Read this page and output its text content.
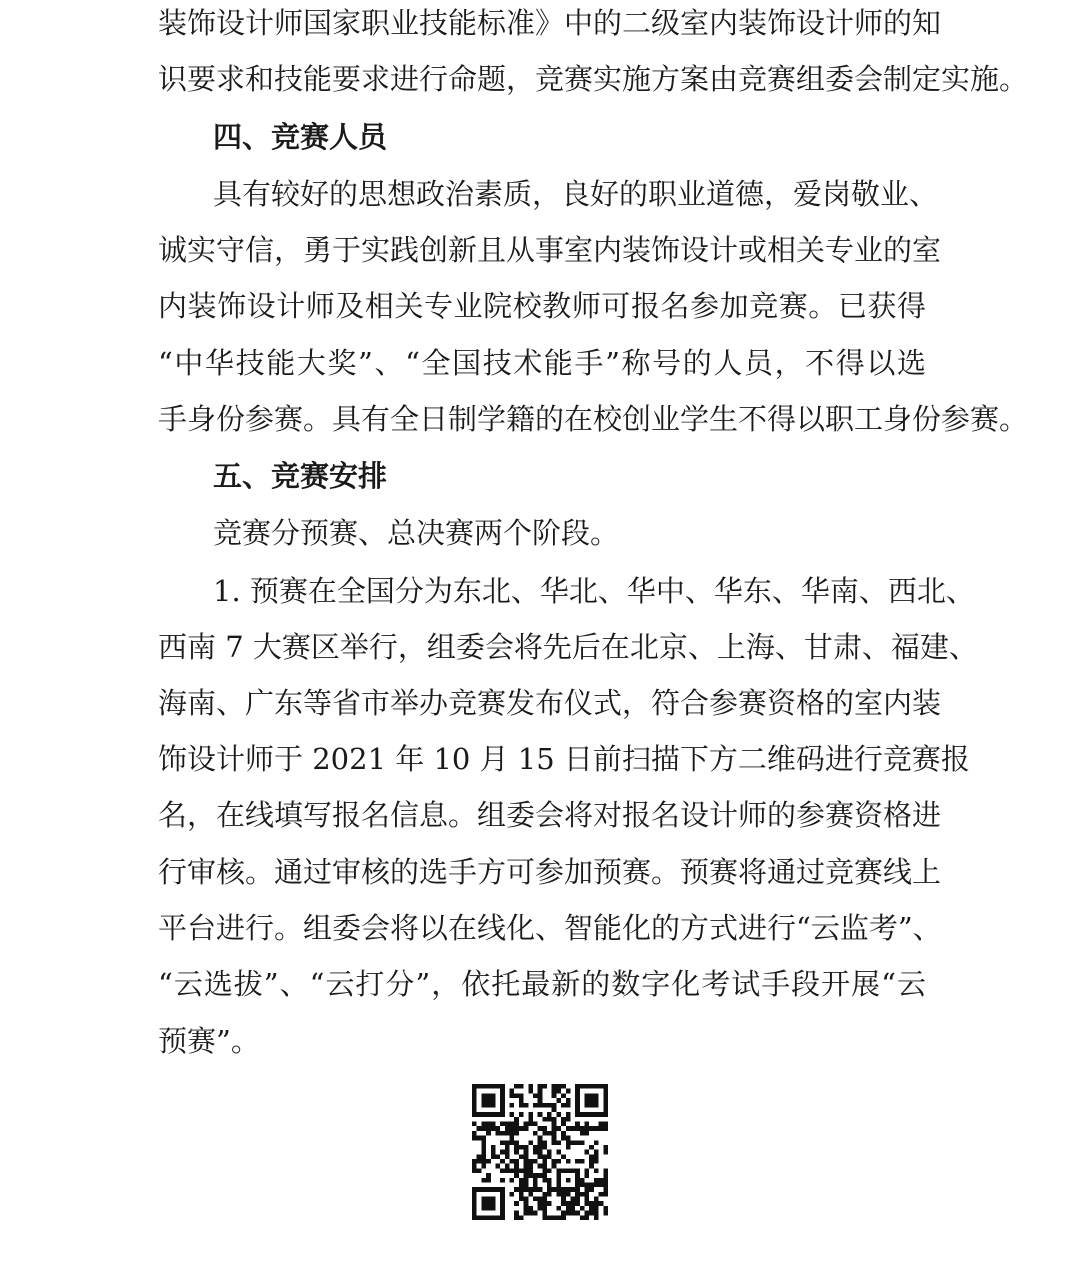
装饰设计师国家职业技能标准》中的二级室内装饰设计师的知
识要求和技能要求进行命题，竞赛实施方案由竞赛组委会制定实施。
四、竞赛人员
具有较好的思想政治素质，良好的职业道德，爱岗敬业、
诚实守信，勇于实践创新且从事室内装饰设计或相关专业的室
内装饰设计师及相关专业院校教师可报名参加竞赛。已获得
“中华技能大奖”、“全国技术能手”称号的人员，不得以选
手身份参赛。具有全日制学籍的在校创业学生不得以职工身份参赛。
五、竞赛安排
竞赛分预赛、总决赛两个阶段。
1. 预赛在全国分为东北、华北、华中、华东、华南、西北、
西南 7 大赛区举行，组委会将先后在北京、上海、甘肃、福建、
海南、广东等省市举办竞赛发布仪式，符合参赛资格的室内装
饰设计师于 2021 年 10 月 15 日前扫描下方二维码进行竞赛报
名，在线填写报名信息。组委会将对报名设计师的参赛资格进
行审核。通过审核的选手方可参加预赛。预赛将通过竞赛线上
平台进行。组委会将以在线化、智能化的方式进行“云监考”、
“云选拔”、“云打分”，依托最新的数字化考试手段开展“云
预赛”。
